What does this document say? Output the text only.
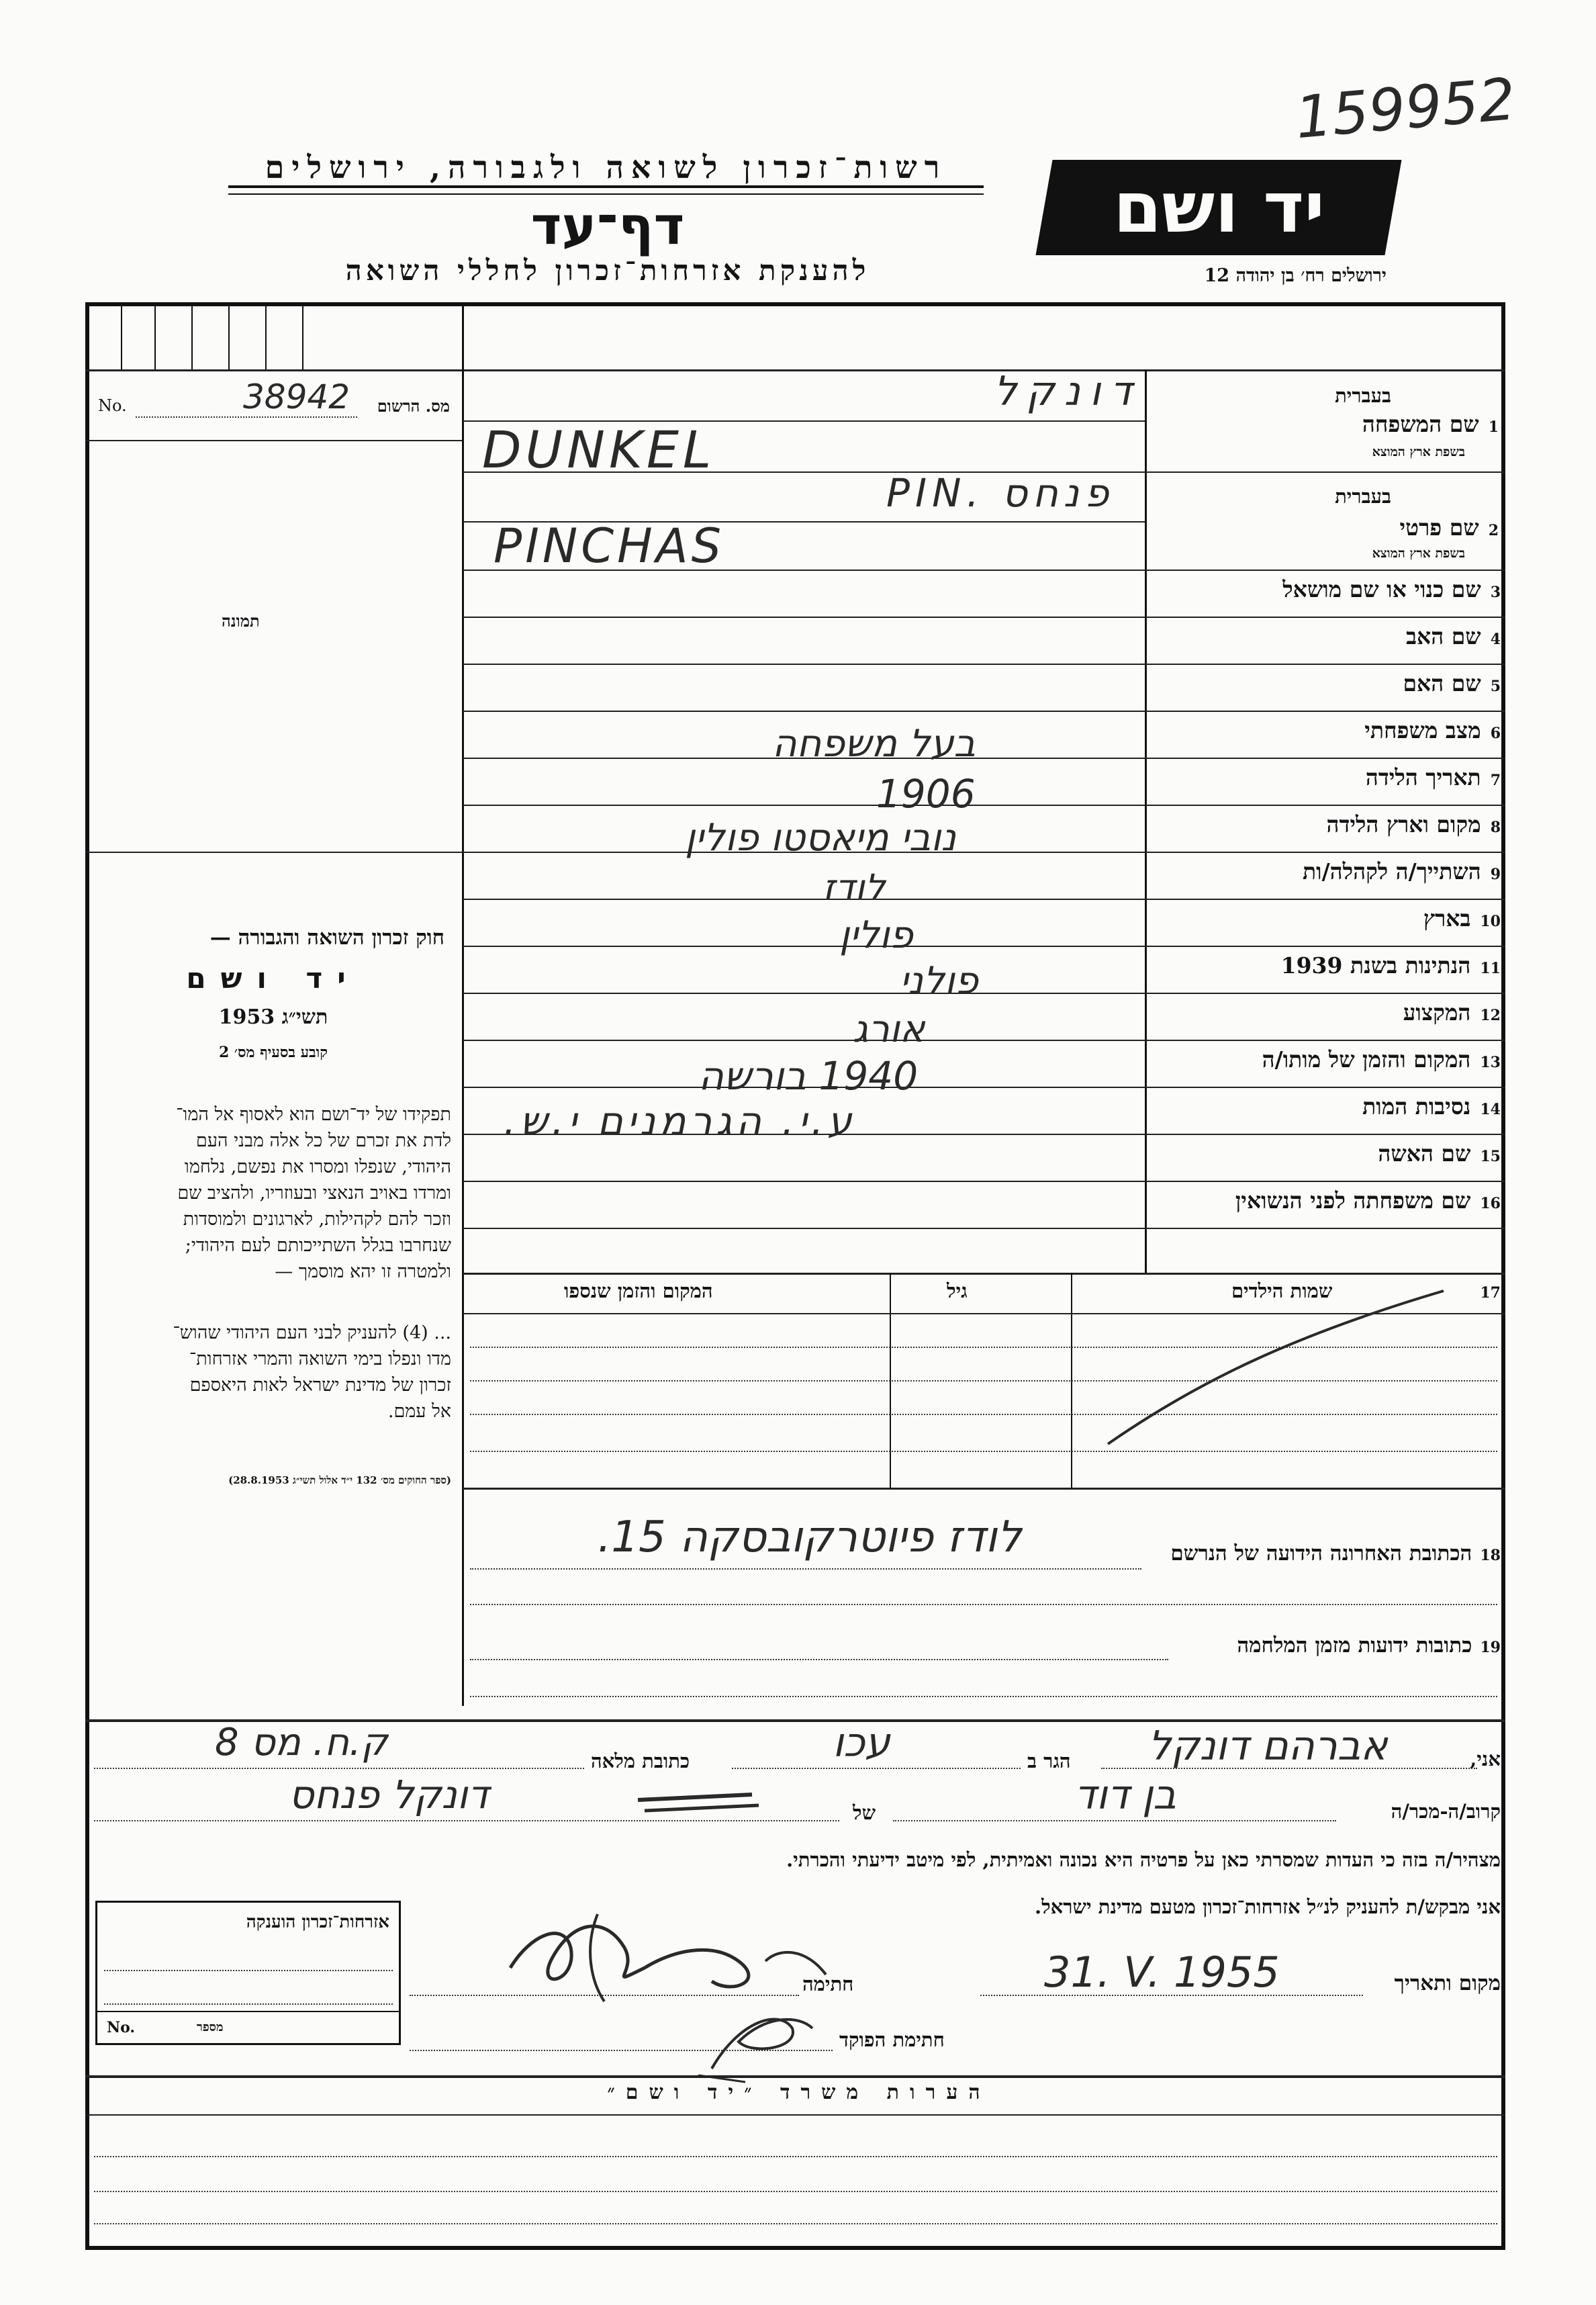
159952
רשות־זכרון לשואה ולגבורה, ירושלים
דף־עד
להענקת אזרחות־זכרון לחללי השואה
יד ושם
ירושלים רח׳ בן יהודה 12
No.	38942 מס. הרשום
תמונה
חוק זכרון השואה והגבורה —
יד ושם
תשי״ג 1953
קובע בסעיף מס׳ 2
תפקידו של יד־ושם הוא לאסוף אל המו־
לדת את זכרם של כל אלה מבני העם
היהודי, שנפלו ומסרו את נפשם, נלחמו
ומרדו באויב הנאצי ובעוזריו, ולהציב שם
וזכר להם לקהילות, לארגונים ולמוסדות
שנחרבו בגלל השתייכותם לעם היהודי;
ולמטרה זו יהא מוסמך —
... (4) להעניק לבני העם היהודי שהוש־
מדו ונפלו בימי השואה והמרי אזרחות־
זכרון של מדינת ישראל לאות היאספם
אל עמם.
(ספר החוקים מס׳ 132 י״ד אלול תשי״ג 28.8.1953)
בעברית
1שם המשפחה
בשפת ארץ המוצא
דונקל
DUNKEL
בעברית
2שם פרטי
בשפת ארץ המוצא
PIN. פנחס
PINCHAS
3שם כנוי או שם מושאל
4שם האב
5שם האם
6מצב משפחתי
7תאריך הלידה
8מקום וארץ הלידה
9השתייך/ה לקהלה/ות
10בארץ
11הנתינות בשנת 1939
12המקצוע
13המקום והזמן של מותו/ה
14נסיבות המות
15שם האשה
16שם משפחתה לפני הנשואין
בעל משפחה
1906
נובי מיאסטו פולין
לודז
פולין
פולני
אורג
1940 בורשה
ע.י. הגרמנים י.ש.
17שמות הילדים
גיל
המקום והזמן שנספו
18הכתובת האחרונה הידועה של הנרשם
לודז פיוטרקובסקה 15.
19כתובות ידועות מזמן המלחמה
אני,
אברהם דונקל
הגר ב
עכו
כתובת מלאה
ק.ח. מס 8
קרוב/ה-מכר/ה
בן דוד
של
דונקל פנחס
מצהיר/ה בזה כי העדות שמסרתי כאן על פרטיה היא נכונה ואמיתית, לפי מיטב ידיעתי והכרתי.
אני מבקש/ת להעניק לנ״ל אזרחות־זכרון מטעם מדינת ישראל.
מקום ותאריך
31. V. 1955
חתימה
חתימת הפוקד
אזרחות־זכרון הוענקה
No.	מספר
הערות משרד ״יד ושם״
